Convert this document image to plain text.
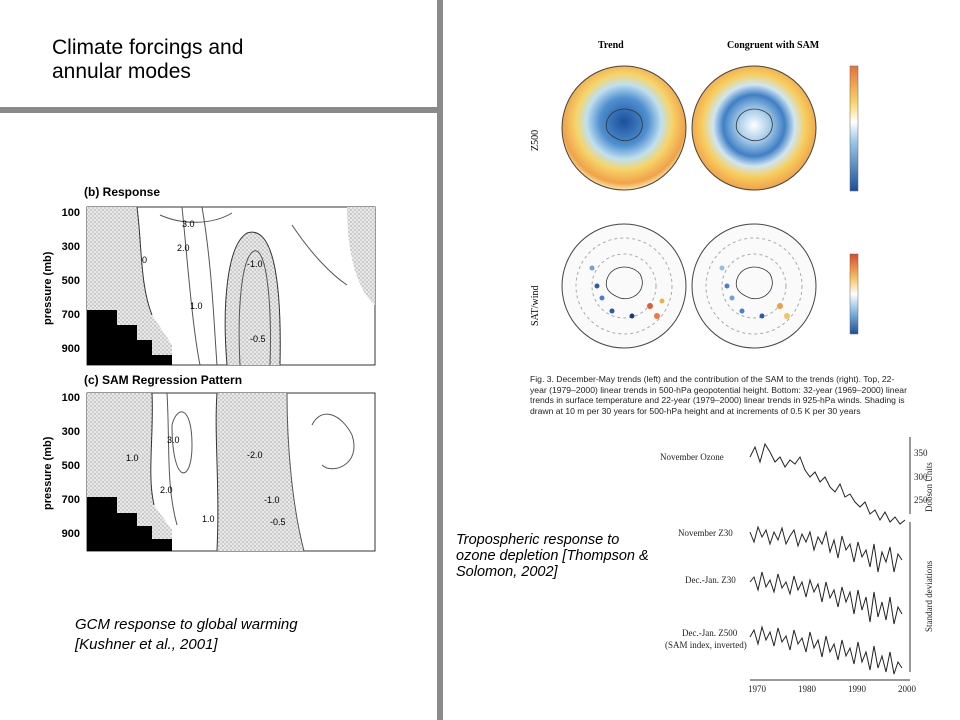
Climate forcings and
annular modes
(b) Response
(c) SAM Regression Pattern
pressure (mb)
pressure (mb)
100
300
500
700
900
100
300
500
700
900
3.0
2.0
0
1.0
-1.0
-0.5
3.0
2.0
1.0	-2.0
-1.0
-0.5
1.0
GCM response to global warming
[Kushner et al., 2001]
Trend	Congruent with SAM
Z500
SAT/wind
Fig. 3. December-May trends (left) and the contribution of the SAM to the trends (right). Top, 22-year (1979–2000) linear trends in 500-hPa geopotential height. Bottom: 32-year (1969–2000) linear trends in surface temperature and 22-year (1979–2000) linear trends in 925-hPa winds. Shading is drawn at 10 m per 30 years for 500-hPa height and at increments of 0.5 K per 30 years
Tropospheric response to ozone depletion [Thompson & Solomon, 2002]
November Ozone
November Z30
Dec.-Jan. Z30
Dec.-Jan. Z500
(SAM index, inverted)
350
300
250
Dobson Units
Standard deviations
1970	1980	1990	2000
